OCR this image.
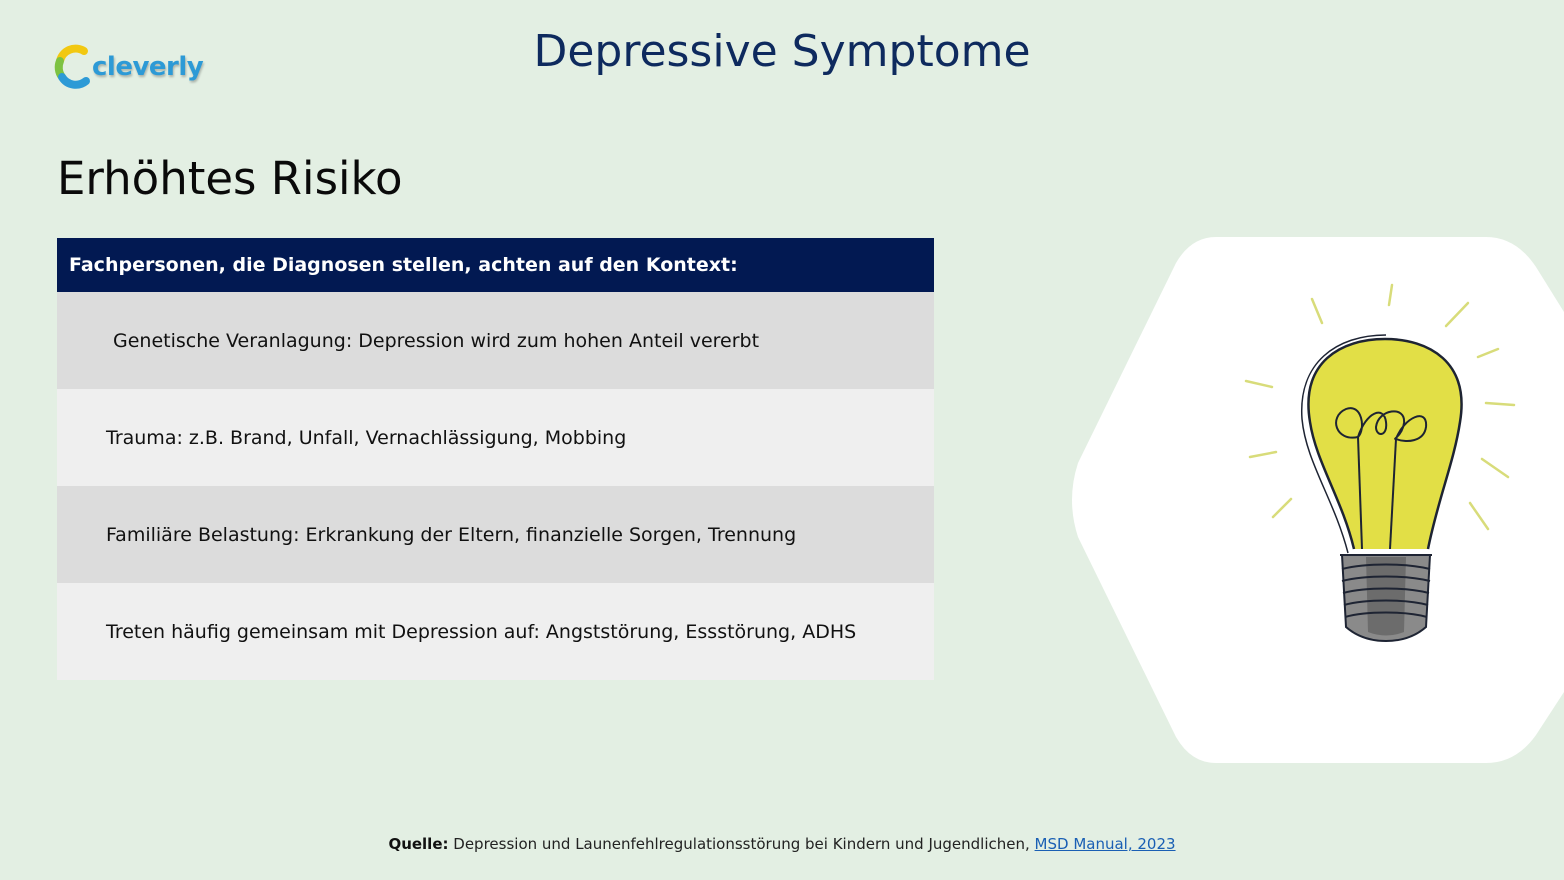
cleverly	Depressive Symptome
Erhöhtes Risiko
Fachpersonen, die Diagnosen stellen, achten auf den Kontext:
Genetische Veranlagung: Depression wird zum hohen Anteil vererbt
Trauma: z.B. Brand, Unfall, Vernachlässigung, Mobbing
Familiäre Belastung: Erkrankung der Eltern, finanzielle Sorgen, Trennung
Treten häufig gemeinsam mit Depression auf: Angststörung, Essstörung, ADHS
Quelle: Depression und Launenfehlregulationsstörung bei Kindern und Jugendlichen, MSD Manual, 2023
